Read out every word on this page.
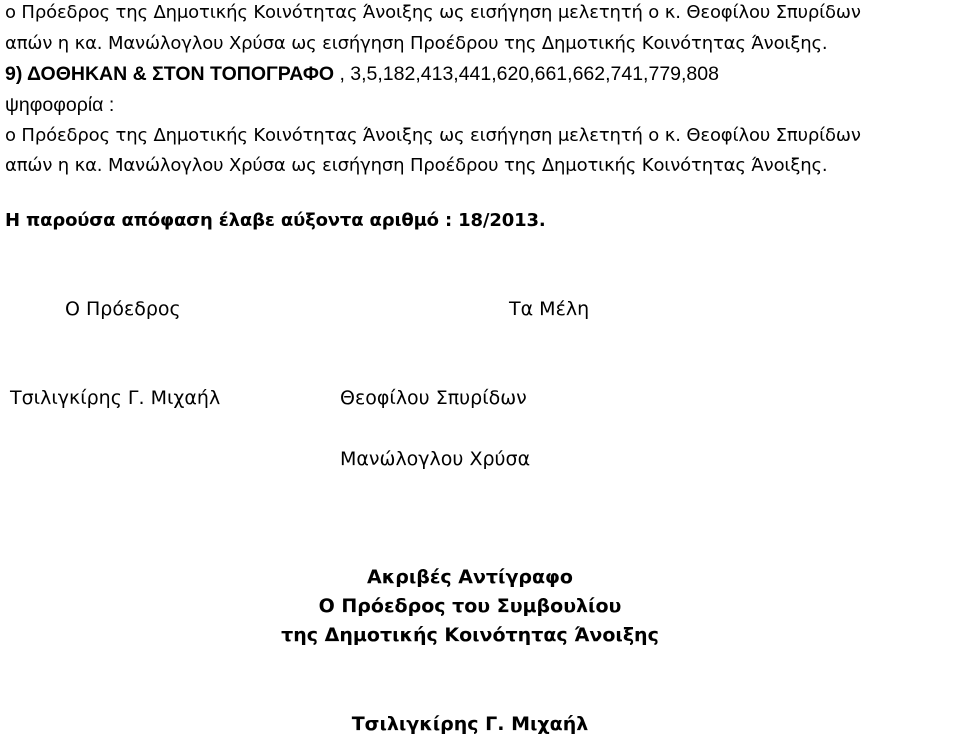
ο Πρόεδρος της Δημοτικής Κοινότητας Άνοιξης ως εισήγηση μελετητή ο κ. Θεοφίλου Σπυρίδων
απών η κα. Μανώλογλου Χρύσα ως εισήγηση Προέδρου της Δημοτικής Κοινότητας Άνοιξης.
9) ΔΟΘΗΚΑΝ & ΣΤΟΝ ΤΟΠΟΓΡΑΦΟ , 3,5,182,413,441,620,661,662,741,779,808
ψηφοφορία :
ο Πρόεδρος της Δημοτικής Κοινότητας Άνοιξης ως εισήγηση μελετητή ο κ. Θεοφίλου Σπυρίδων
απών η κα. Μανώλογλου Χρύσα ως εισήγηση Προέδρου της Δημοτικής Κοινότητας Άνοιξης.
Η παρούσα απόφαση έλαβε αύξοντα αριθμό : 18/2013.
Ο Πρόεδρος	Τα Μέλη
Τσιλιγκίρης Γ. Μιχαήλ	Θεοφίλου Σπυρίδων
Μανώλογλου Χρύσα
Ακριβές Αντίγραφο
Ο Πρόεδρος του Συμβουλίου
της Δημοτικής Κοινότητας Άνοιξης
Τσιλιγκίρης Γ. Μιχαήλ
